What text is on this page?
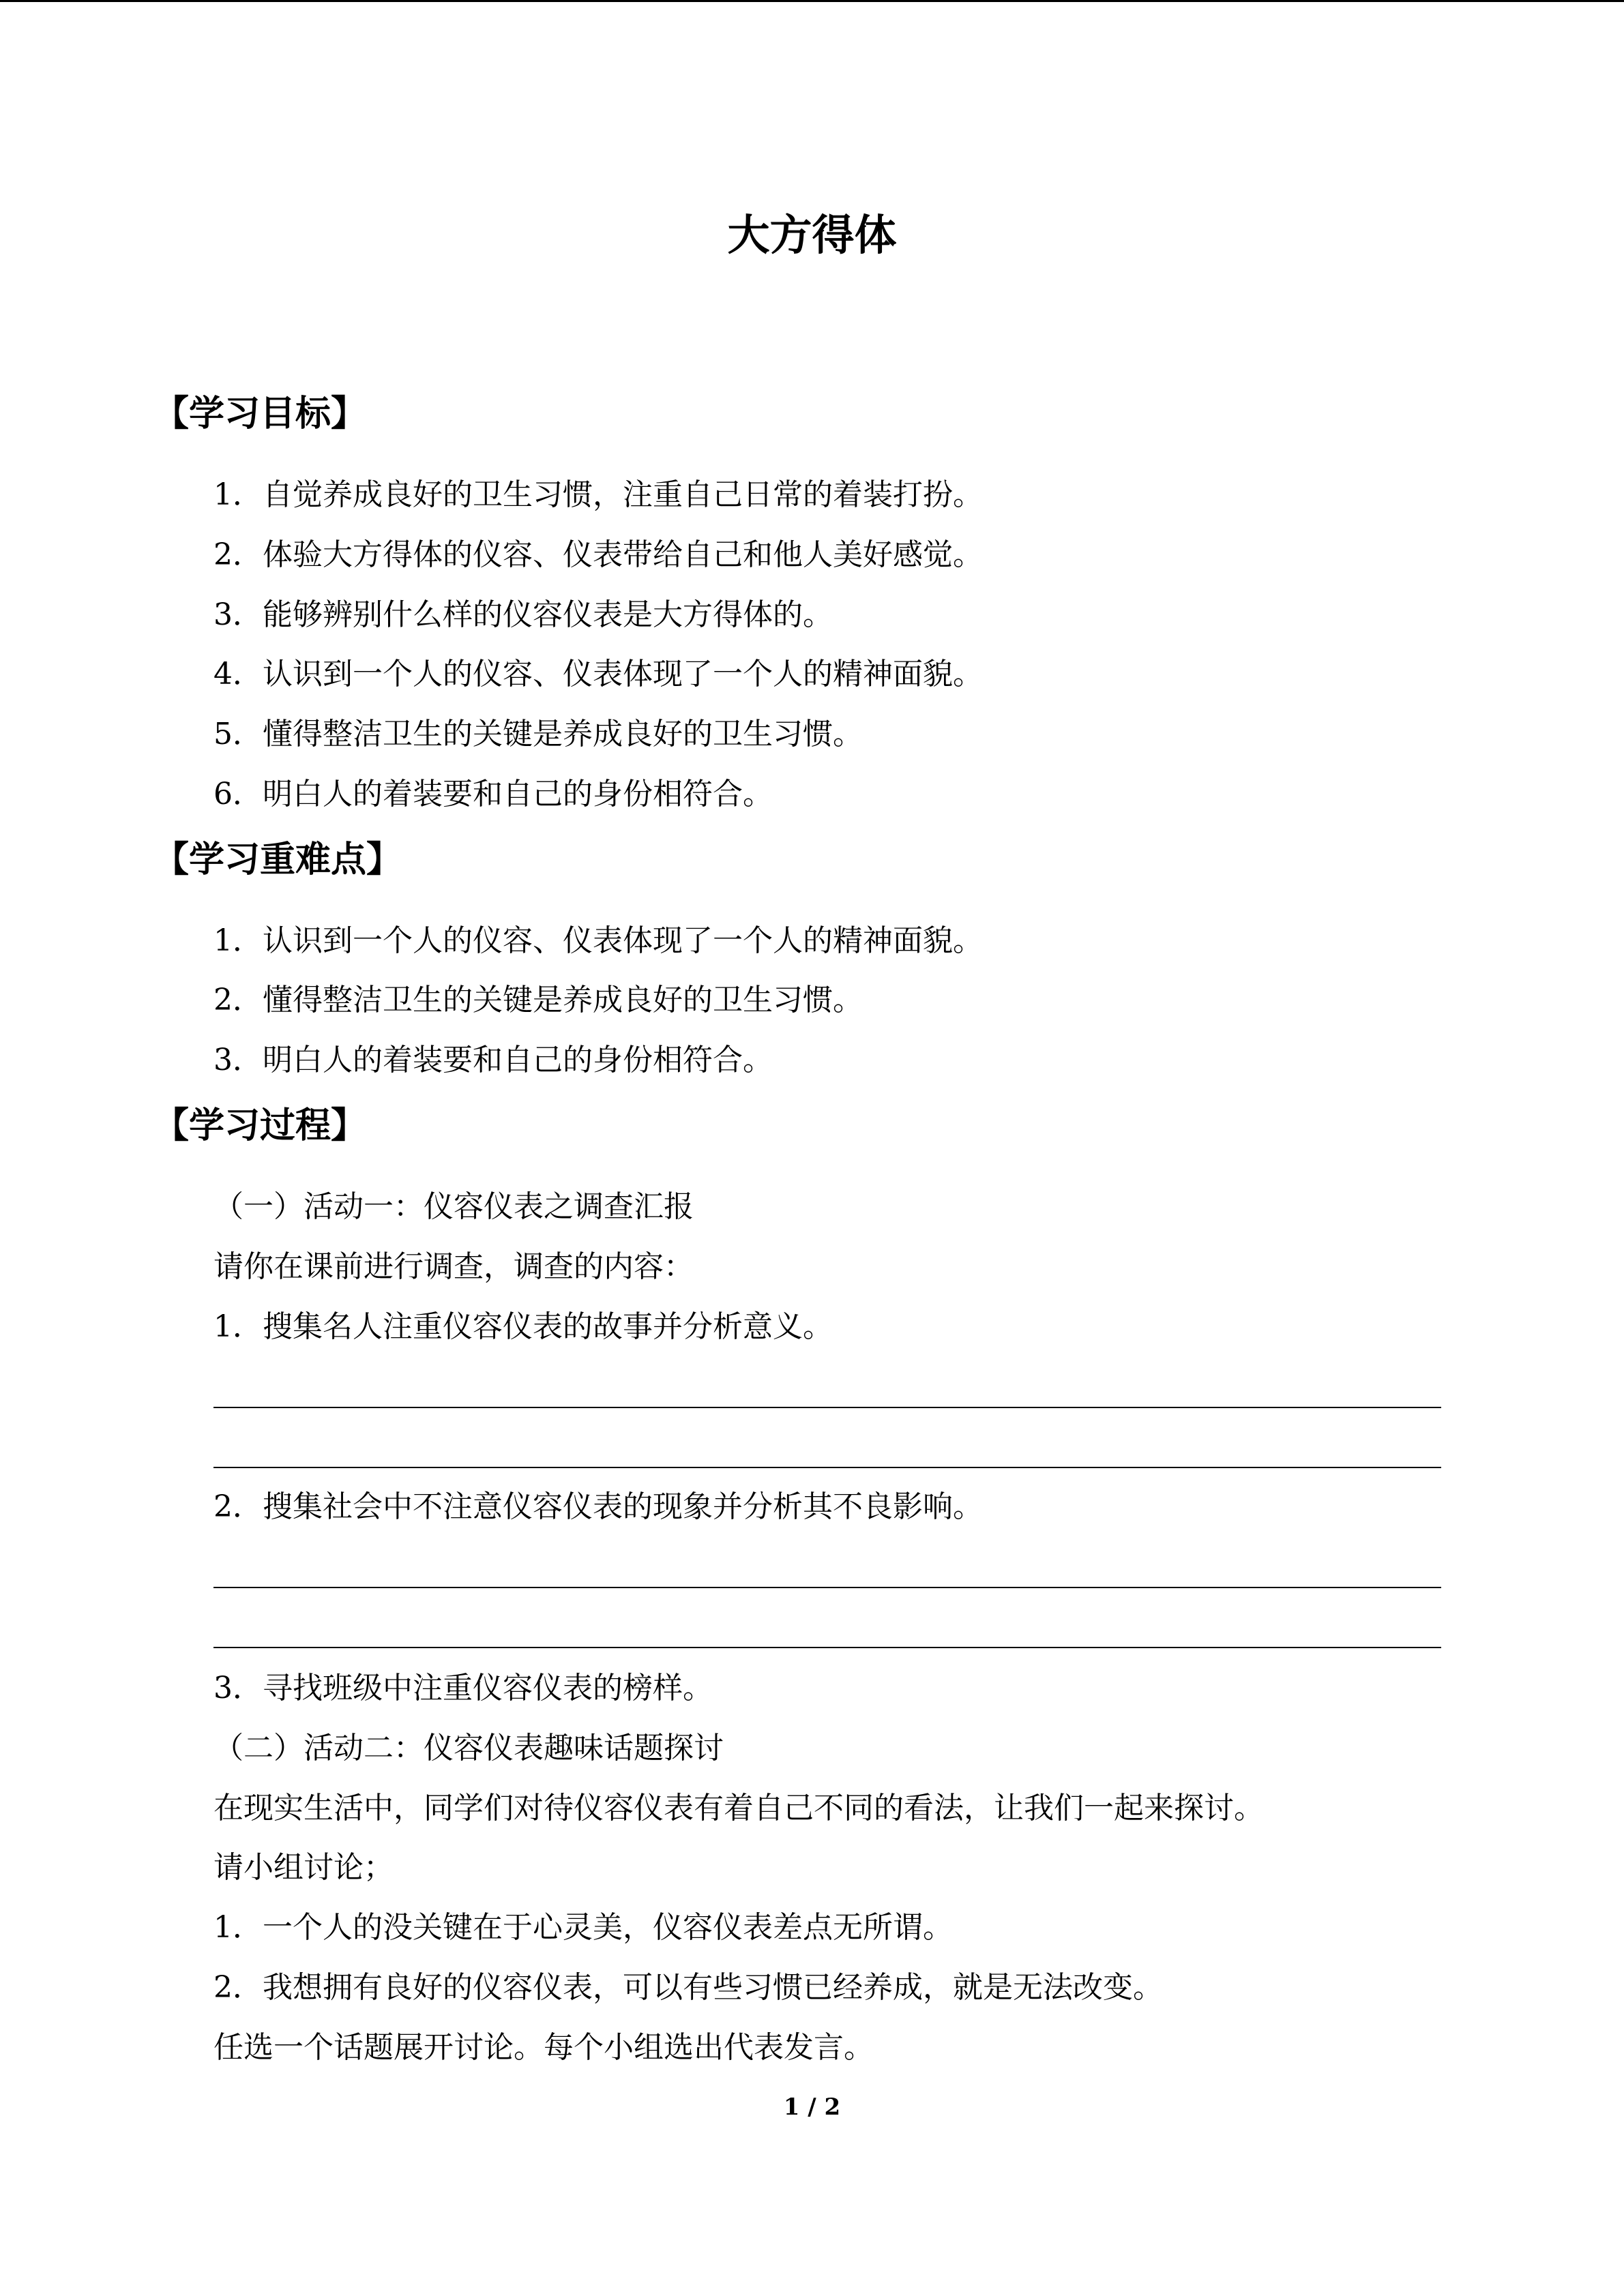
大方得体
【学习目标】
1．自觉养成良好的卫生习惯，注重自己日常的着装打扮。
2．体验大方得体的仪容、仪表带给自己和他人美好感觉。
3．能够辨别什么样的仪容仪表是大方得体的。
4．认识到一个人的仪容、仪表体现了一个人的精神面貌。
5．懂得整洁卫生的关键是养成良好的卫生习惯。
6．明白人的着装要和自己的身份相符合。
【学习重难点】
1．认识到一个人的仪容、仪表体现了一个人的精神面貌。
2．懂得整洁卫生的关键是养成良好的卫生习惯。
3．明白人的着装要和自己的身份相符合。
【学习过程】
（一）活动一：仪容仪表之调查汇报
请你在课前进行调查，调查的内容：
1．搜集名人注重仪容仪表的故事并分析意义。
2．搜集社会中不注意仪容仪表的现象并分析其不良影响。
3．寻找班级中注重仪容仪表的榜样。
（二）活动二：仪容仪表趣味话题探讨
在现实生活中，同学们对待仪容仪表有着自己不同的看法，让我们一起来探讨。
请小组讨论；
1．一个人的没关键在于心灵美，仪容仪表差点无所谓。
2．我想拥有良好的仪容仪表，可以有些习惯已经养成，就是无法改变。
任选一个话题展开讨论。每个小组选出代表发言。
1 / 2
